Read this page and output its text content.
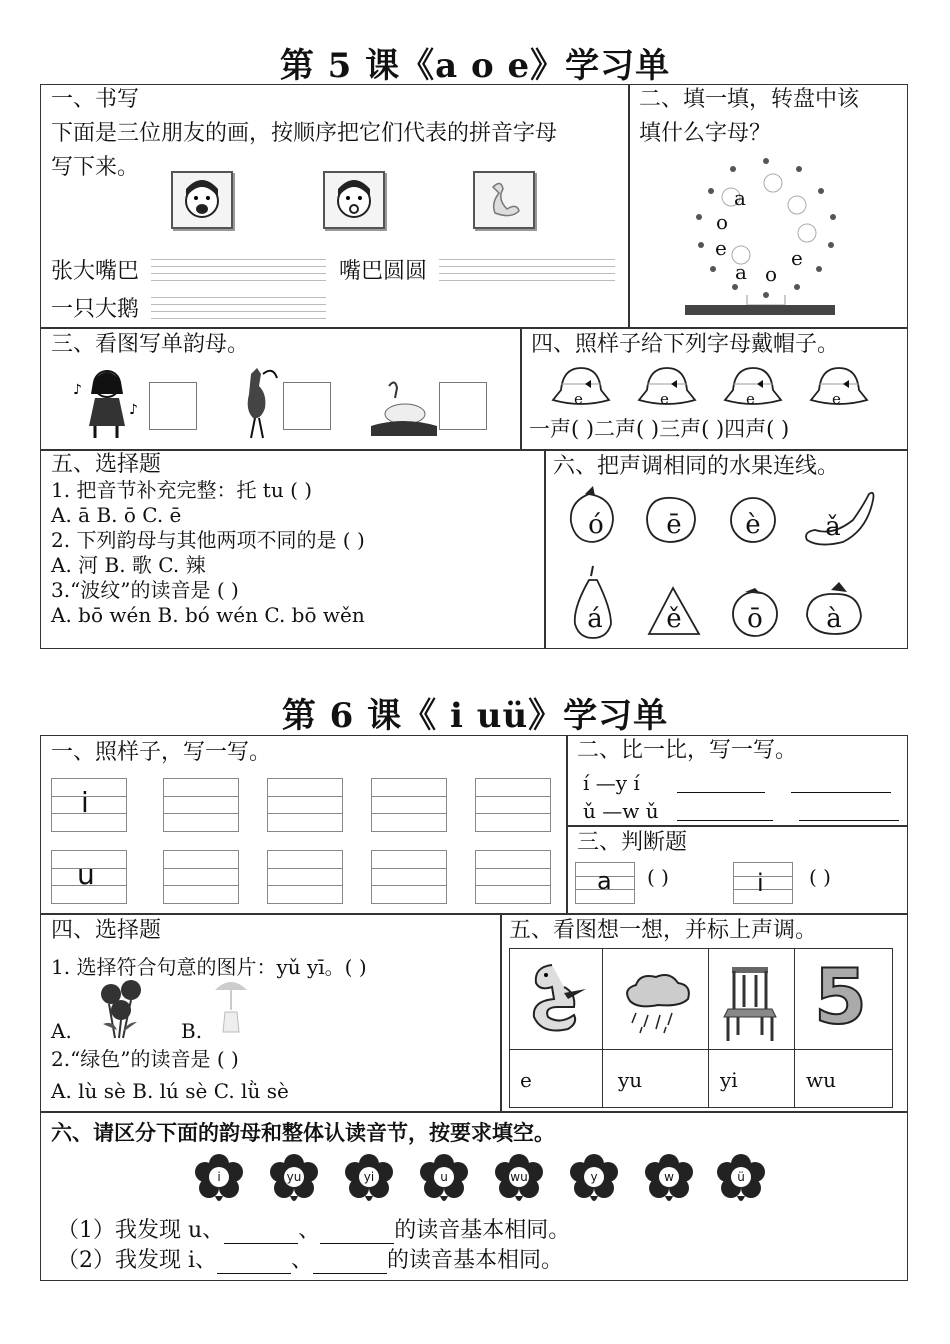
第 5 课《a o e》学习单
一、书写
下面是三位朋友的画，按顺序把它们代表的拼音字母
写下来。
张大嘴巴	嘴巴圆圆
一只大鹅
二、填一填，转盘中该
填什么字母？
a
o
e	e
a o
三、看图写单韵母。
♪
♪
四、照样子给下列字母戴帽子。
e	e	e	e
一声( )二声( )三声( )四声( )
五、选择题
1. 把音节补充完整：托 tu ( )
A. ā B. ō C. ē
2. 下列韵母与其他两项不同的是 ( )
A. 河 B. 歌 C. 辣
3.“波纹”的读音是 ( )
A. bō wén B. bó wén C. bō wěn
六、把声调相同的水果连线。
ó	ē	è	ǎ
á	ě	ō	à
第 6 课《 i uü》学习单
一、照样子，写一写。
i
u
二、比一比，写一写。
í —y í
ǔ —w ǔ
三、判断题
a ( )	i ( )
四、选择题
1. 选择符合句意的图片：yǔ yī。( )
A.	B.
2.“绿色”的读音是 ( )
A. lù sè B. lú sè C. lǜ sè
五、看图想一想，并标上声调。
5
e	yu	yi	wu
六、请区分下面的韵母和整体认读音节，按要求填空。
i	yu	yi	u	wu	y	w	ü
（1）我发现 u、	、	的读音基本相同。
（2）我发现 i、	、	的读音基本相同。
